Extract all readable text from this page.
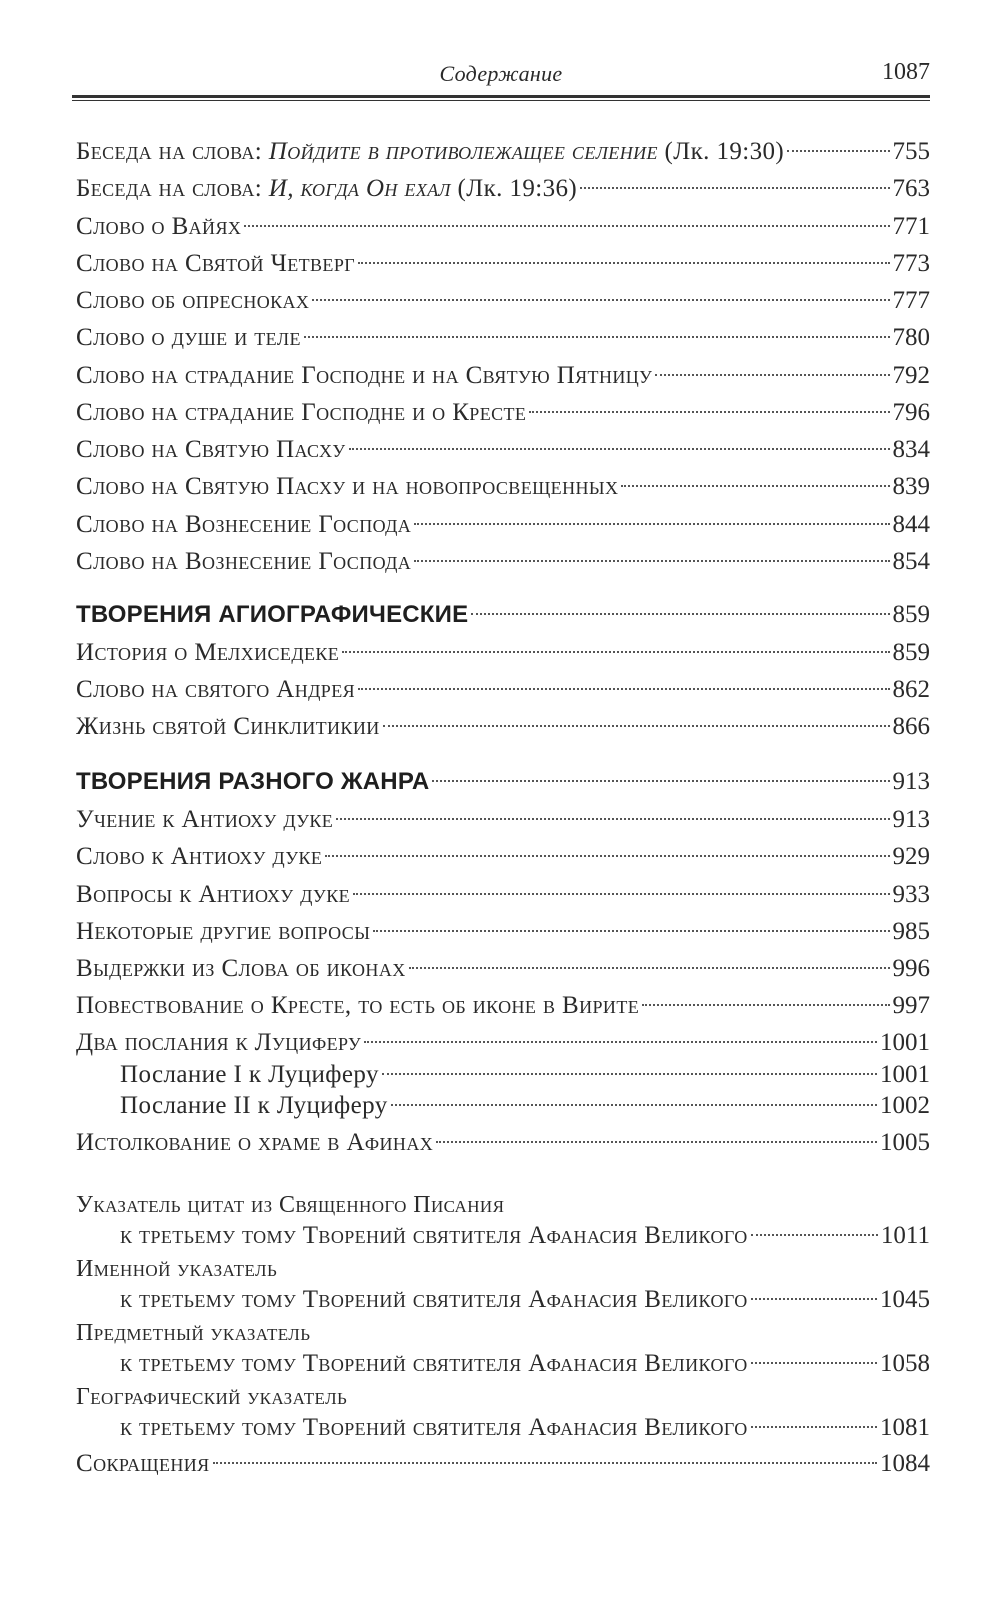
Содержание	1087
Беседа на слова: Пойдите в противолежащее селение (Лк. 19:30)	755
Беседа на слова: И, когда Он ехал (Лк. 19:36)	763
Слово о Вайях	771
Слово на Святой Четверг	773
Слово об опресноках	777
Слово о душе и теле	780
Слово на страдание Господне и на Святую Пятницу	792
Слово на страдание Господне и о Кресте	796
Слово на Святую Пасху	834
Слово на Святую Пасху и на новопросвещенных	839
Слово на Вознесение Господа	844
Слово на Вознесение Господа	854
ТВОРЕНИЯ АГИОГРАФИЧЕСКИЕ	859
История о Мелхиседеке	859
Слово на святого Андрея	862
Жизнь святой Синклитикии	866
ТВОРЕНИЯ РАЗНОГО ЖАНРА	913
Учение к Антиоху дуке	913
Слово к Антиоху дуке	929
Вопросы к Антиоху дуке	933
Некоторые другие вопросы	985
Выдержки из Слова об иконах	996
Повествование о Кресте, то есть об иконе в Вирите	997
Два послания к Луциферу	1001
Послание I к Луциферу	1001
Послание II к Луциферу	1002
Истолкование о храме в Афинах	1005
Указатель цитат из Священного Писания
к третьему тому Творений святителя Афанасия Великого	1011
Именной указатель
к третьему тому Творений святителя Афанасия Великого	1045
Предметный указатель
к третьему тому Творений святителя Афанасия Великого	1058
Географический указатель
к третьему тому Творений святителя Афанасия Великого	1081
Сокращения	1084
